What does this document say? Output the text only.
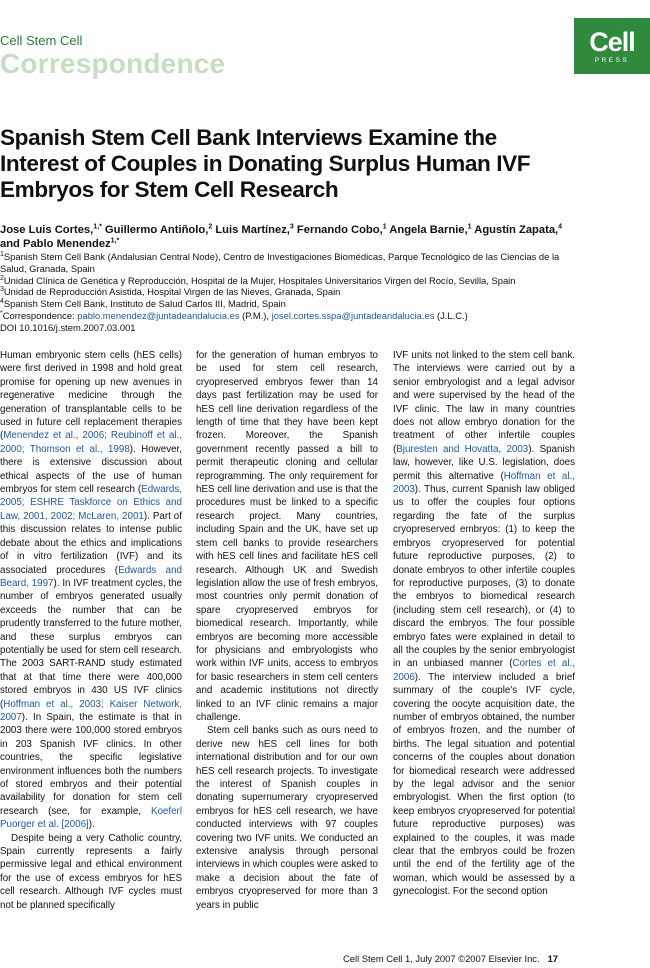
Cell Stem Cell
Correspondence
Cell
PRESS
Spanish Stem Cell Bank Interviews Examine the Interest of Couples in Donating Surplus Human IVF Embryos for Stem Cell Research
Jose Luis Cortes,$^{1,*}$ Guillermo Antiñolo,$^2$ Luis Martínez,$^3$ Fernando Cobo,$^1$ Angela Barnie,$^1$ Agustín Zapata,$^4$
and Pablo Menendez$^{1,*}$
$^1$Spanish Stem Cell Bank (Andalusian Central Node), Centro de Investigaciones Biomédicas, Parque Tecnológico de las Ciencias de la Salud, Granada, Spain
$^2$Unidad Clínica de Genética y Reproducción, Hospital de la Mujer, Hospitales Universitarios Virgen del Rocío, Sevilla, Spain
$^3$Unidad de Reproducción Asistida, Hospital Virgen de las Nieves, Granada, Spain
$^4$Spanish Stem Cell Bank, Instituto de Salud Carlos III, Madrid, Spain
*Correspondence: pablo.menendez@juntadeandalucia.es (P.M.), josel.cortes.sspa@juntadeandalucia.es (J.L.C.)
DOI 10.1016/j.stem.2007.03.001

Human embryonic stem cells (hES cells) were first derived in 1998 and hold great promise for opening up new avenues in regenerative medicine through the generation of transplantable cells to be used in future cell replacement therapies (Menendez et al., 2006; Reubinoff et al., 2000; Thomson et al., 1998). However, there is extensive discussion about ethical aspects of the use of human embryos for stem cell research (Edwards, 2005; ESHRE Taskforce on Ethics and Law, 2001, 2002; McLaren, 2001). Part of this discussion relates to intense public debate about the ethics and implications of in vitro fertilization (IVF) and its associated procedures (Edwards and Beard, 1997). In IVF treatment cycles, the number of embryos generated usually exceeds the number that can be prudently transferred to the future mother, and these surplus embryos can potentially be used for stem cell research. The 2003 SART-RAND study estimated that at that time there were 400,000 stored embryos in 430 US IVF clinics (Hoffman et al., 2003; Kaiser Network, 2007). In Spain, the estimate is that in 2003 there were 100,000 stored embryos in 203 Spanish IVF clinics. In other countries, the specific legislative environment influences both the numbers of stored embryos and their potential availability for donation for stem cell research (see, for example, Koeferl Puorger et al. [2006]).

Despite being a very Catholic country, Spain currently represents a fairly permissive legal and ethical environment for the use of excess embryos for hES cell research. Although IVF cycles must not be planned specifically

for the generation of human embryos to be used for stem cell research, cryopreserved embryos fewer than 14 days past fertilization may be used for hES cell line derivation regardless of the length of time that they have been kept frozen. Moreover, the Spanish government recently passed a bill to permit therapeutic cloning and cellular reprogramming. The only requirement for hES cell line derivation and use is that the procedures must be linked to a specific research project. Many countries, including Spain and the UK, have set up stem cell banks to provide researchers with hES cell lines and facilitate hES cell research. Although UK and Swedish legislation allow the use of fresh embryos, most countries only permit donation of spare cryopreserved embryos for biomedical research. Importantly, while embryos are becoming more accessible for physicians and embryologists who work within IVF units, access to embryos for basic researchers in stem cell centers and academic institutions not directly linked to an IVF clinic remains a major challenge.

Stem cell banks such as ours need to derive new hES cell lines for both international distribution and for our own hES cell research projects. To investigate the interest of Spanish couples in donating supernumerary cryopreserved embryos for hES cell research, we have conducted interviews with 97 couples covering two IVF units. We conducted an extensive analysis through personal interviews in which couples were asked to make a decision about the fate of embryos cryopreserved for more than 3 years in public

IVF units not linked to the stem cell bank. The interviews were carried out by a senior embryologist and a legal advisor and were supervised by the head of the IVF clinic. The law in many countries does not allow embryo donation for the treatment of other infertile couples (Bjuresten and Hovatta, 2003). Spanish law, however, like U.S. legislation, does permit this alternative (Hoffman et al., 2003). Thus, current Spanish law obliged us to offer the couples four options regarding the fate of the surplus cryopreserved embryos: (1) to keep the embryos cryopreserved for potential future reproductive purposes, (2) to donate embryos to other infertile couples for reproductive purposes, (3) to donate the embryos to biomedical research (including stem cell research), or (4) to discard the embryos. The four possible embryo fates were explained in detail to all the couples by the senior embryologist in an unbiased manner (Cortes et al., 2006). The interview included a brief summary of the couple's IVF cycle, covering the oocyte acquisition date, the number of embryos obtained, the number of embryos frozen, and the number of births. The legal situation and potential concerns of the couples about donation for biomedical research were addressed by the legal advisor and the senior embryologist. When the first option (to keep embryos cryopreserved for potential future reproductive purposes) was explained to the couples, it was made clear that the embryos could be frozen until the end of the fertility age of the woman, which would be assessed by a gynecologist. For the second option

Cell Stem Cell 1, July 2007 ©2007 Elsevier Inc. 17
